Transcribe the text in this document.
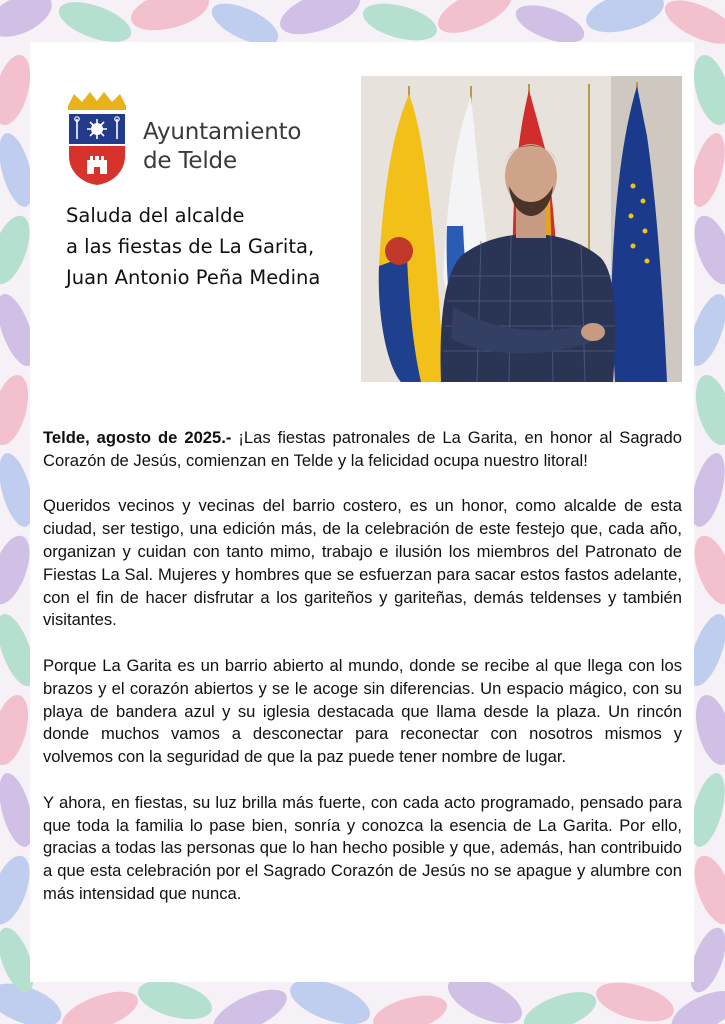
Ayuntamiento
de Telde
Saluda del alcalde
a las fiestas de La Garita,
Juan Antonio Peña Medina

Telde, agosto de 2025.- ¡Las fiestas patronales de La Garita, en honor al Sagrado Corazón de Jesús, comienzan en Telde y la felicidad ocupa nuestro litoral!

Queridos vecinos y vecinas del barrio costero, es un honor, como alcalde de esta ciudad, ser testigo, una edición más, de la celebración de este festejo que, cada año, organizan y cuidan con tanto mimo, trabajo e ilusión los miembros del Patronato de Fiestas La Sal. Mujeres y hombres que se esfuerzan para sacar estos fastos adelante, con el fin de hacer disfrutar a los gariteños y gariteñas, demás teldenses y también visitantes.

Porque La Garita es un barrio abierto al mundo, donde se recibe al que llega con los brazos y el corazón abiertos y se le acoge sin diferencias. Un espacio mágico, con su playa de bandera azul y su iglesia destacada que llama desde la plaza. Un rincón donde muchos vamos a desconectar para reconectar con nosotros mismos y volvemos con la seguridad de que la paz puede tener nombre de lugar.

Y ahora, en fiestas, su luz brilla más fuerte, con cada acto programado, pensado para que toda la familia lo pase bien, sonría y conozca la esencia de La Garita. Por ello, gracias a todas las personas que lo han hecho posible y que, además, han contribuido a que esta celebración por el Sagrado Corazón de Jesús no se apague y alumbre con más intensidad que nunca.
